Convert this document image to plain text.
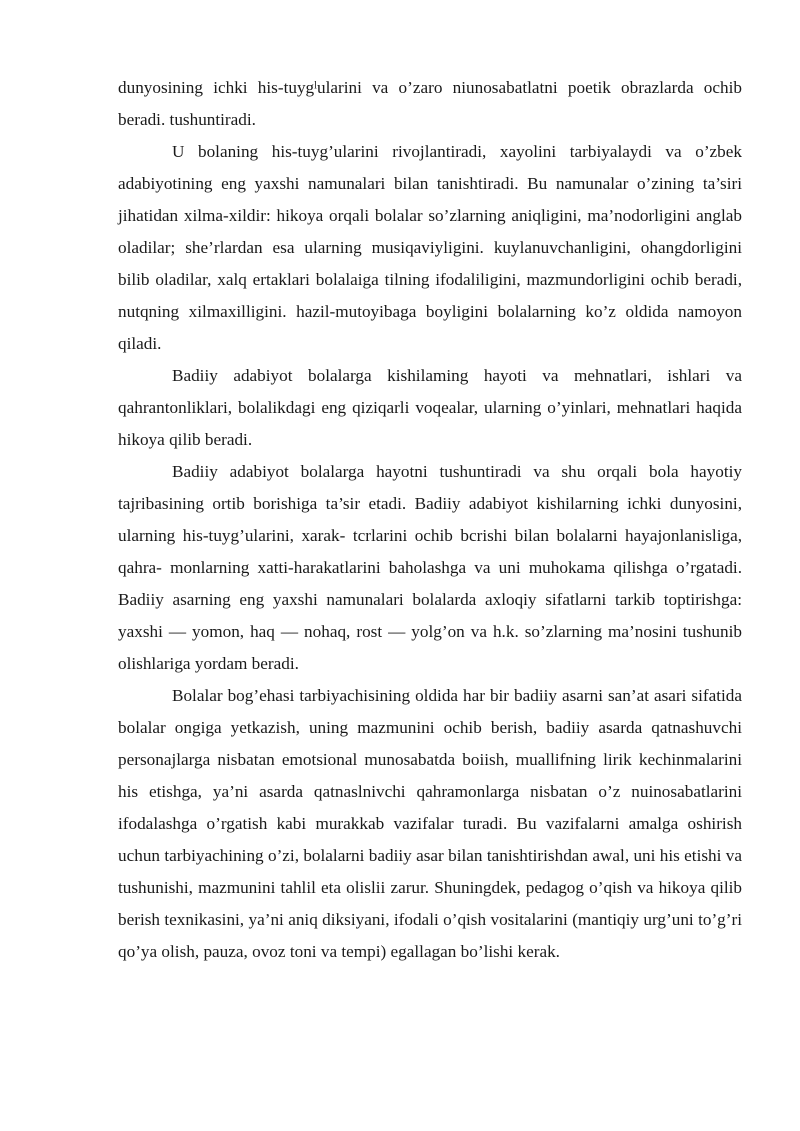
dunyosining ichki his-tuygˡularini va o’zaro niunosabatlatni poetik obrazlarda ochib beradi. tushuntiradi.

U bolaning his-tuyg’ularini rivojlantiradi, xayolini tarbiyalaydi va o’zbek adabiyotining eng yaxshi namunalari bilan tanishtiradi. Bu namunalar o’zining ta’siri jihatidan xilma-xildir: hikoya orqali bolalar so’zlarning aniqligini, ma’nodorligini anglab oladilar; she’rlardan esa ularning musiqaviyligini. kuylanuvchanligini, ohangdorligini bilib oladilar, xalq ertaklari bolalaiga tilning ifodaliligini, mazmundorligini ochib beradi, nutqning xilmaxilligini. hazil-mutoyibaga boyligini bolalarning ko’z oldida namoyon qiladi.

Badiiy adabiyot bolalarga kishilaming hayoti va mehnatlari, ishlari va qahrantonliklari, bolalikdagi eng qiziqarli voqealar, ularning o’yinlari, mehnatlari haqida hikoya qilib beradi.

Badiiy adabiyot bolalarga hayotni tushuntiradi va shu orqali bola hayotiy tajribasining ortib borishiga ta’sir etadi. Badiiy adabiyot kishilarning ichki dunyosini, ularning his-tuyg’ularini, xarak- tcrlarini ochib bcrishi bilan bolalarni hayajonlanisliga, qahra- monlarning xatti-harakatlarini baholashga va uni muhokama qilishga o’rgatadi. Badiiy asarning eng yaxshi namunalari bolalarda axloqiy sifatlarni tarkib toptirishga: yaxshi — yomon, haq — nohaq, rost — yolg’on va h.k. so’zlarning ma’nosini tushunib olishlariga yordam beradi.

Bolalar bog’ehasi tarbiyachisining oldida har bir badiiy asarni san’at asari sifatida bolalar ongiga yetkazish, uning mazmunini ochib berish, badiiy asarda qatnashuvchi personajlarga nisbatan emotsional munosabatda boiish, muallifning lirik kechinmalarini his etishga, ya’ni asarda qatnaslnivchi qahramonlarga nisbatan o’z nuinosabatlarini ifodalashga o’rgatish kabi murakkab vazifalar turadi. Bu vazifalarni amalga oshirish uchun tarbiyachining o’zi, bolalarni badiiy asar bilan tanishtirishdan awal, uni his etishi va tushunishi, mazmunini tahlil eta olislii zarur. Shuningdek, pedagog o’qish va hikoya qilib berish texnikasini, ya’ni aniq diksiyani, ifodali o’qish vositalarini (mantiqiy urg’uni to’g’ri qo’ya olish, pauza, ovoz toni va tempi) egallagan bo’lishi kerak.
